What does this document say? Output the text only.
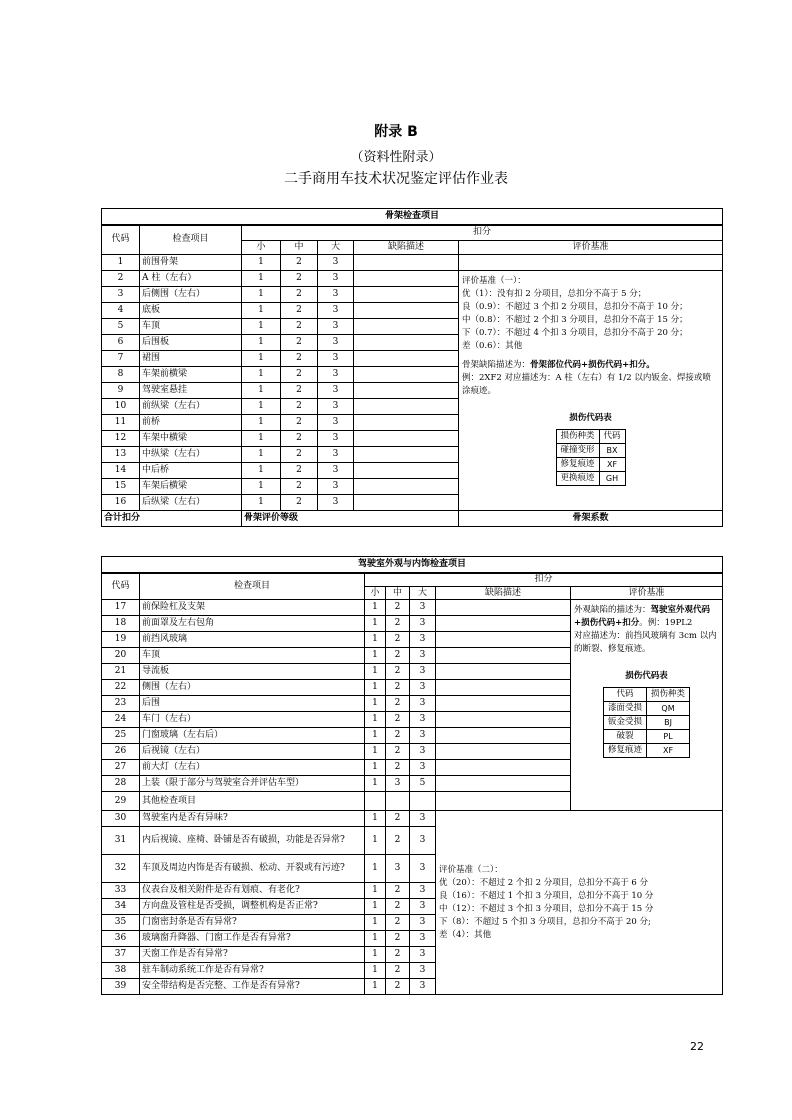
附录 B
（资料性附录）
二手商用车技术状况鉴定评估作业表
骨架检查项目
代码	检查项目	扣分
小	中	大	缺陷描述	评价基准
1	前围骨架	1	2	3		
2	A 柱（左右）	1	2	3		评价基准（一）：
优（1）：没有扣 2 分项目，总扣分不高于 5 分；
良（0.9）：不超过 3 个扣 2 分项目，总扣分不高于 10 分；
中（0.8）：不超过 2 个扣 3 分项目，总扣分不高于 15 分；
下（0.7）：不超过 4 个扣 3 分项目，总扣分不高于 20 分；
差（0.6）：其他
骨架缺陷描述为：骨架部位代码+损伤代码+扣分。
例：2XF2 对应描述为：A 柱（左右）有 1/2 以内钣金、焊接或喷涂痕迹。
损伤代码表
损伤种类	代码
碰撞变形	BX
修复痕迹	XF
更换痕迹	GH

3	后侧围（左右）	1	2	3	
4	底板	1	2	3	
5	车顶	1	2	3	
6	后围板	1	2	3	
7	裙围	1	2	3	
8	车架前横梁	1	2	3	
9	驾驶室悬挂	1	2	3	
10	前纵梁（左右）	1	2	3	
11	前桥	1	2	3	
12	车架中横梁	1	2	3	
13	中纵梁（左右）	1	2	3	
14	中后桥	1	2	3	
15	车架后横梁	1	2	3	
16	后纵梁（左右）	1	2	3	
合计扣分	骨架评价等级	骨架系数
驾驶室外观与内饰检查项目
代码	检查项目	扣分
小	中	大	缺陷描述	评价基准
17	前保险杠及支架	1	2	3		外观缺陷的描述为：驾驶室外观代码+损伤代码+扣分。例：19PL2
对应描述为：前挡风玻璃有 3cm 以内的断裂、修复痕迹。
损伤代码表
代码	损伤种类
漆面受损	QM
钣金受损	BJ
破裂	PL
修复痕迹	XF

18	前面罩及左右包角	1	2	3	
19	前挡风玻璃	1	2	3	
20	车顶	1	2	3	
21	导流板	1	2	3	
22	侧围（左右）	1	2	3	
23	后围	1	2	3	
24	车门（左右）	1	2	3	
25	门窗玻璃（左右后）	1	2	3	
26	后视镜（左右）	1	2	3	
27	前大灯（左右）	1	2	3	
28	上装（限于部分与驾驶室合并评估车型）	1	3	5	
29	其他检查项目				
30	驾驶室内是否有异味?	1	2	3	
评价基准（二）：
优（20）：不超过 2 个扣 2 分项目，总扣分不高于 6 分
良（16）：不超过 1 个扣 3 分项目，总扣分不高于 10 分
中（12）：不超过 3 个扣 3 分项目，总扣分不高于 15 分
下（8）：不超过 5 个扣 3 分项目，总扣分不高于 20 分;
差（4）：其他

31	内后视镜、座椅、卧铺是否有破损，功能是否异常?	1	2	3
32	车顶及周边内饰是否有破损、松动、开裂或有污迹?	1	3	3
33	仪表台及相关附件是否有划痕、有老化?	1	2	3
34	方向盘及管柱是否受损，调整机构是否正常?	1	2	3
35	门窗密封条是否有异常?	1	2	3
36	玻璃窗升降器、门窗工作是否有异常?	1	2	3
37	天窗工作是否有异常?	1	2	3
38	驻车制动系统工作是否有异常?	1	2	3
39	安全带结构是否完整、工作是否有异常?	1	2	3
22
